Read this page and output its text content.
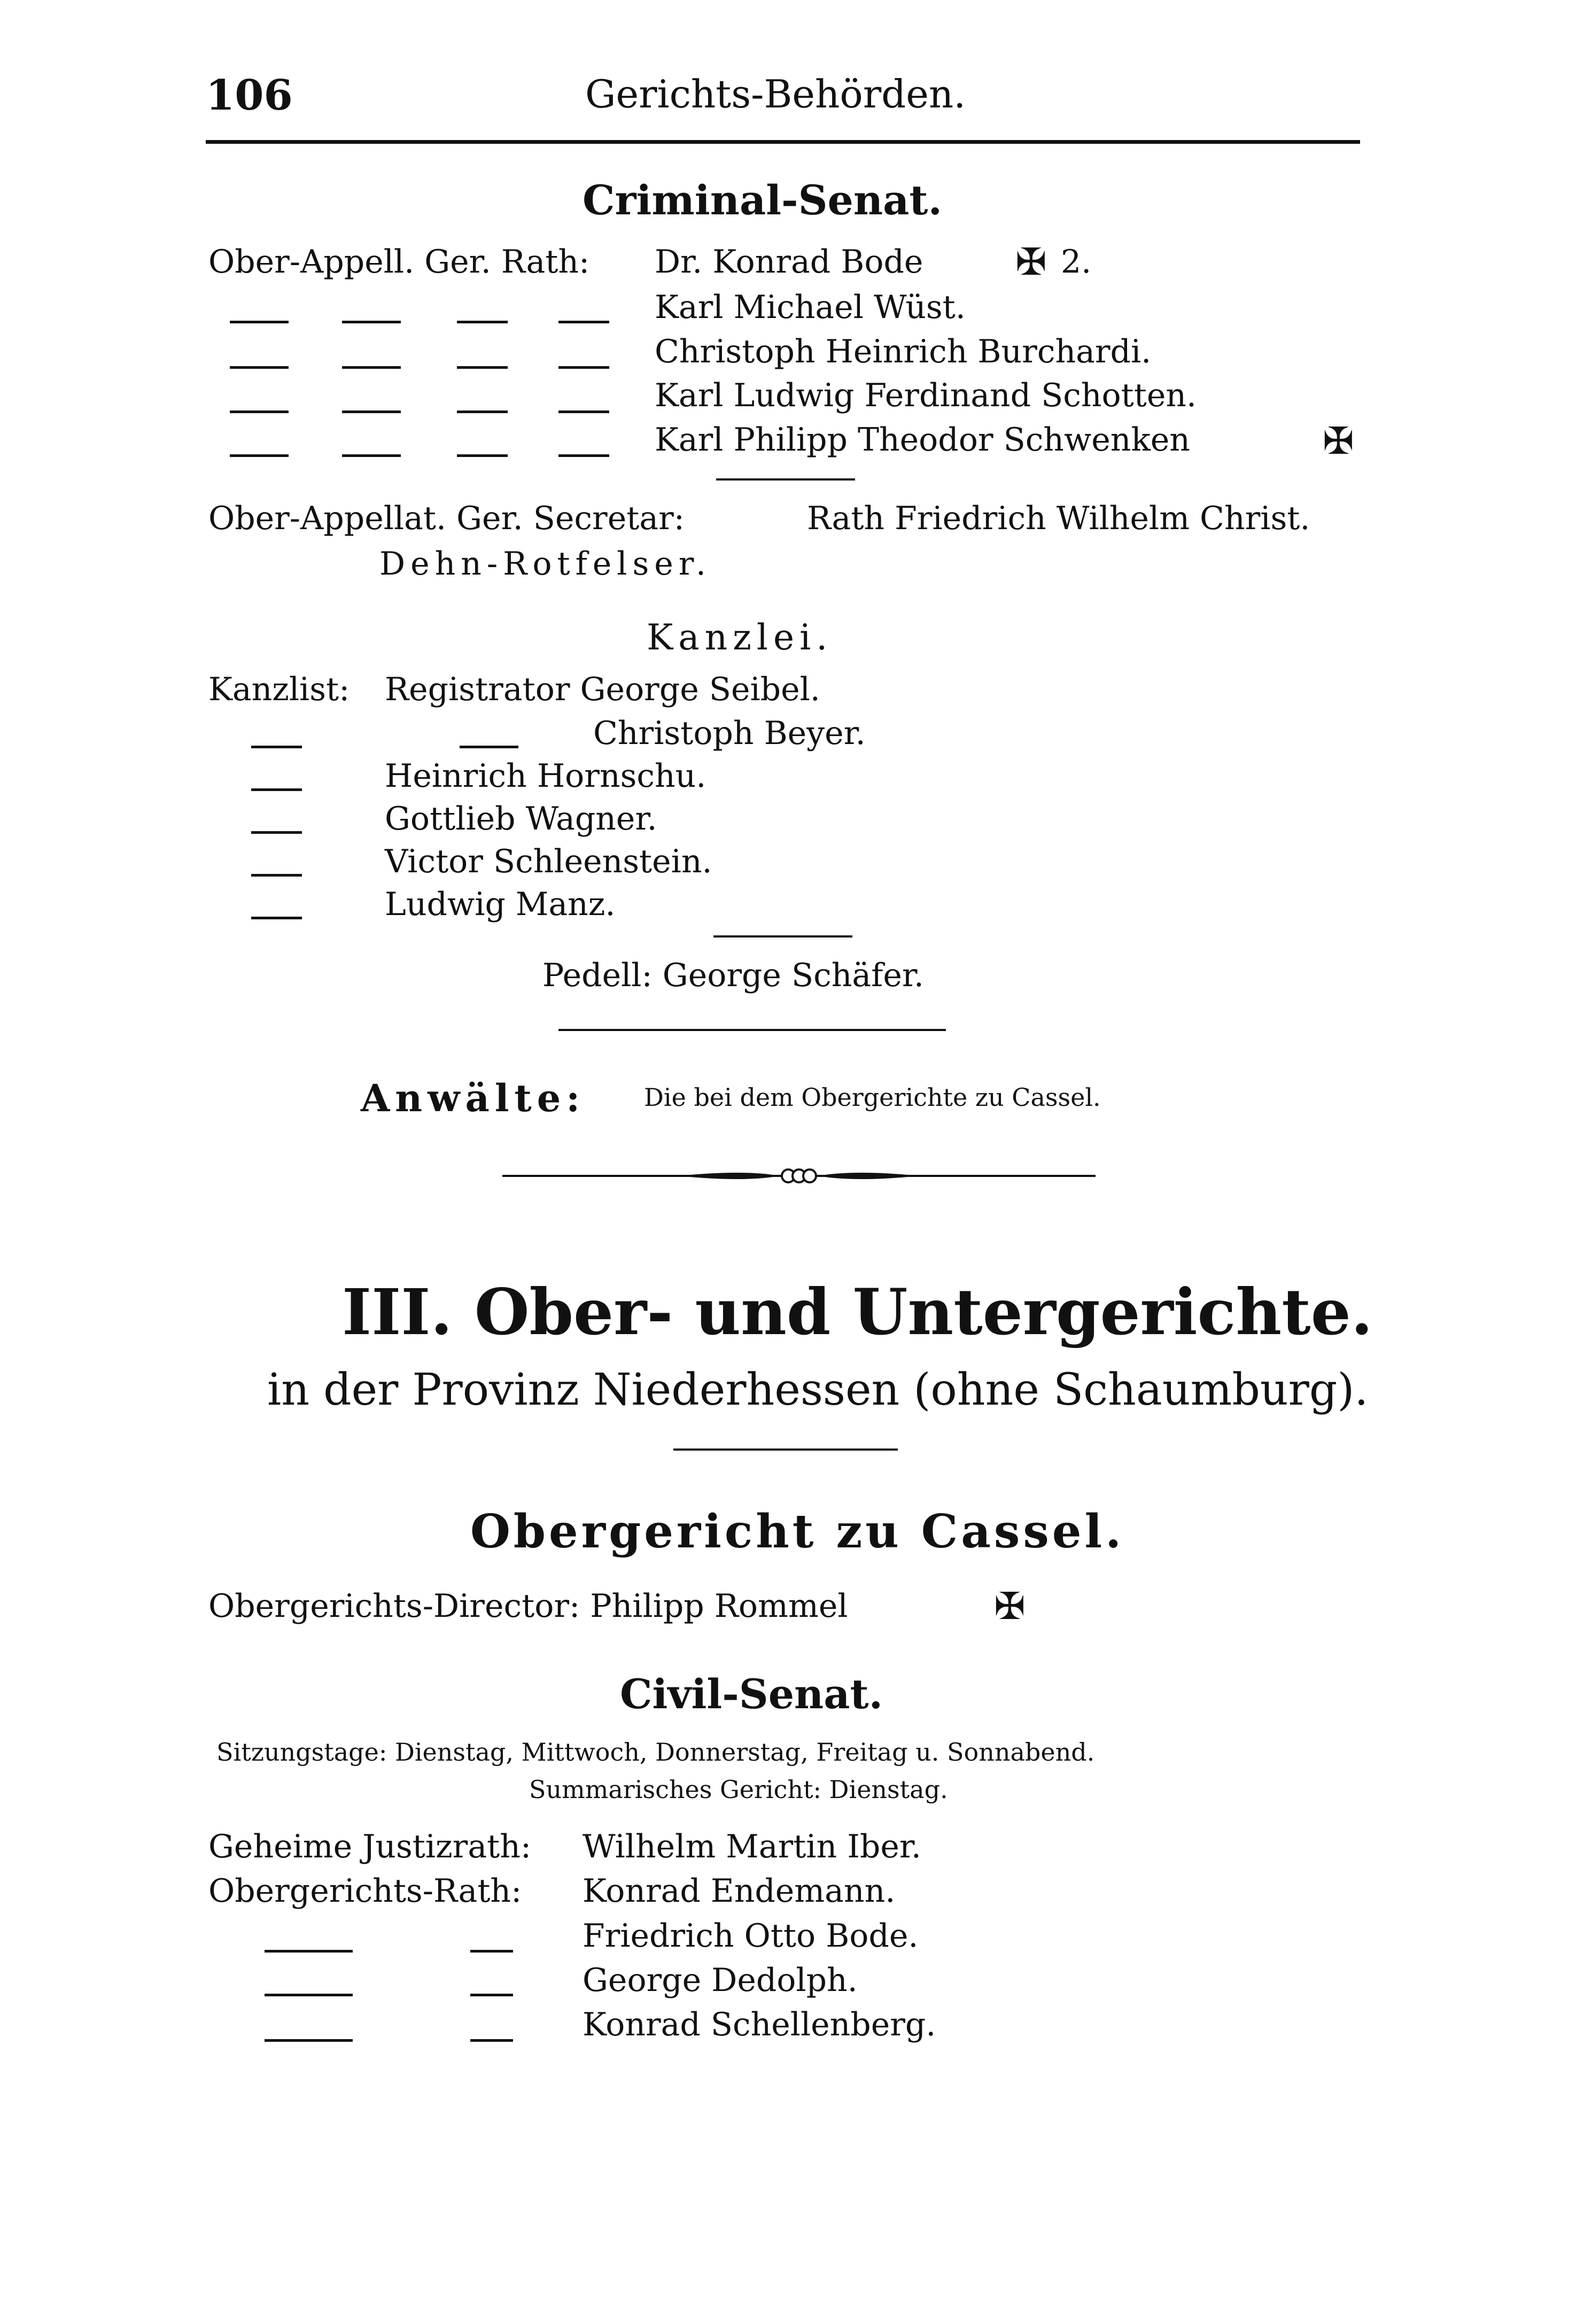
106	Gerichts-Behörden.
Criminal-Senat.
Ober-Appell. Ger. Rath: Dr. Konrad Bode ✠ 2.
Karl Michael Wüst.
Christoph Heinrich Burchardi.
Karl Ludwig Ferdinand Schotten.
Karl Philipp Theodor Schwenken	✠
Ober-Appellat. Ger. Secretar:	Rath Friedrich Wilhelm Christ.
Dehn-Rotfelser.
Kanzlei.
Kanzlist: Registrator George Seibel.
Christoph Beyer.
Heinrich Hornschu.
Gottlieb Wagner.
Victor Schleenstein.
Ludwig Manz.
Pedell: George Schäfer.
Anwälte: Die bei dem Obergerichte zu Cassel.
III. Ober- und Untergerichte.
in der Provinz Niederhessen (ohne Schaumburg).
Obergericht zu Cassel.
Obergerichts-Director: Philipp Rommel	✠
Civil-Senat.
Sitzungstage: Dienstag, Mittwoch, Donnerstag, Freitag u. Sonnabend.
Summarisches Gericht: Dienstag.
Geheime Justizrath: Wilhelm Martin Iber.
Obergerichts-Rath: Konrad Endemann.
Friedrich Otto Bode.
George Dedolph.
Konrad Schellenberg.
